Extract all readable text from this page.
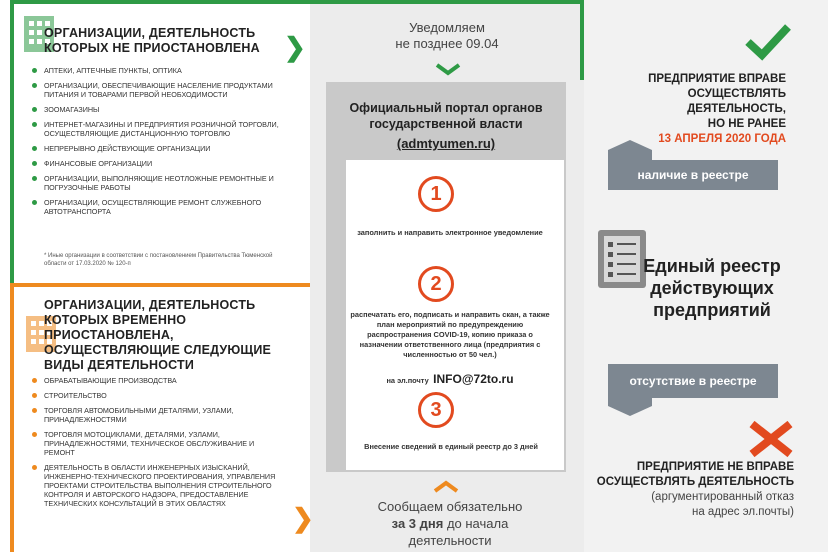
ОРГАНИЗАЦИИ, ДЕЯТЕЛЬНОСТЬ КОТОРЫХ НЕ ПРИОСТАНОВЛЕНА
АПТЕКИ, АПТЕЧНЫЕ ПУНКТЫ, ОПТИКА
ОРГАНИЗАЦИИ, ОБЕСПЕЧИВАЮЩИЕ НАСЕЛЕНИЕ ПРОДУКТАМИ ПИТАНИЯ И ТОВАРАМИ ПЕРВОЙ НЕОБХОДИМОСТИ
ЗООМАГАЗИНЫ
ИНТЕРНЕТ-МАГАЗИНЫ И ПРЕДПРИЯТИЯ РОЗНИЧНОЙ ТОРГОВЛИ, ОСУЩЕСТВЛЯЮЩИЕ ДИСТАНЦИОННУЮ ТОРГОВЛЮ
НЕПРЕРЫВНО ДЕЙСТВУЮЩИЕ ОРГАНИЗАЦИИ
ФИНАНСОВЫЕ ОРГАНИЗАЦИИ
ОРГАНИЗАЦИИ, ВЫПОЛНЯЮЩИЕ НЕОТЛОЖНЫЕ РЕМОНТНЫЕ И ПОГРУЗОЧНЫЕ РАБОТЫ
ОРГАНИЗАЦИИ, ОСУЩЕСТВЛЯЮЩИЕ РЕМОНТ СЛУЖЕБНОГО АВТОТРАНСПОРТА
* Иные организации в соответствии с постановлением Правительства Тюменской области от 17.03.2020 № 120-п
❯
ОРГАНИЗАЦИИ, ДЕЯТЕЛЬНОСТЬ КОТОРЫХ ВРЕМЕННО ПРИОСТАНОВЛЕНА, ОСУЩЕСТВЛЯЮЩИЕ СЛЕДУЮЩИЕ ВИДЫ ДЕЯТЕЛЬНОСТИ
ОБРАБАТЫВАЮЩИЕ ПРОИЗВОДСТВА
СТРОИТЕЛЬСТВО
ТОРГОВЛЯ АВТОМОБИЛЬНЫМИ ДЕТАЛЯМИ, УЗЛАМИ, ПРИНАДЛЕЖНОСТЯМИ
ТОРГОВЛЯ МОТОЦИКЛАМИ, ДЕТАЛЯМИ, УЗЛАМИ, ПРИНАДЛЕЖНОСТЯМИ, ТЕХНИЧЕСКОЕ ОБСЛУЖИВАНИЕ И РЕМОНТ
ДЕЯТЕЛЬНОСТЬ В ОБЛАСТИ ИНЖЕНЕРНЫХ ИЗЫСКАНИЙ, ИНЖЕНЕРНО-ТЕХНИЧЕСКОГО ПРОЕКТИРОВАНИЯ, УПРАВЛЕНИЯ ПРОЕКТАМИ СТРОИТЕЛЬСТВА ВЫПОЛНЕНИЯ СТРОИТЕЛЬНОГО КОНТРОЛЯ И АВТОРСКОГО НАДЗОРА, ПРЕДОСТАВЛЕНИЕ ТЕХНИЧЕСКИХ КОНСУЛЬТАЦИЙ В ЭТИХ ОБЛАСТЯХ	❯
Уведомляем
не позднее 09.04
Официальный портал органов государственной власти
(admtyumen.ru)
1
заполнить и направить электронное уведомление
2
распечатать его, подписать и направить скан, а также план мероприятий по предупреждению распространения COVID-19, копию приказа о назначении ответственного лица (предприятия с численностью от 50 чел.)
на эл.почту INFO@72to.ru
3
Внесение сведений в единый реестр до 3 дней
Сообщаем обязательно
за 3 дня до начала
деятельности
ПРЕДПРИЯТИЕ ВПРАВЕ
ОСУЩЕСТВЛЯТЬ ДЕЯТЕЛЬНОСТЬ,
НО НЕ РАНЕЕ
13 АПРЕЛЯ 2020 ГОДА
наличие в реестре
Единый реестр действующих предприятий
отсутствие в реестре
ПРЕДПРИЯТИЕ НЕ ВПРАВЕ
ОСУЩЕСТВЛЯТЬ ДЕЯТЕЛЬНОСТЬ
(аргументированный отказ
на адрес эл.почты)
